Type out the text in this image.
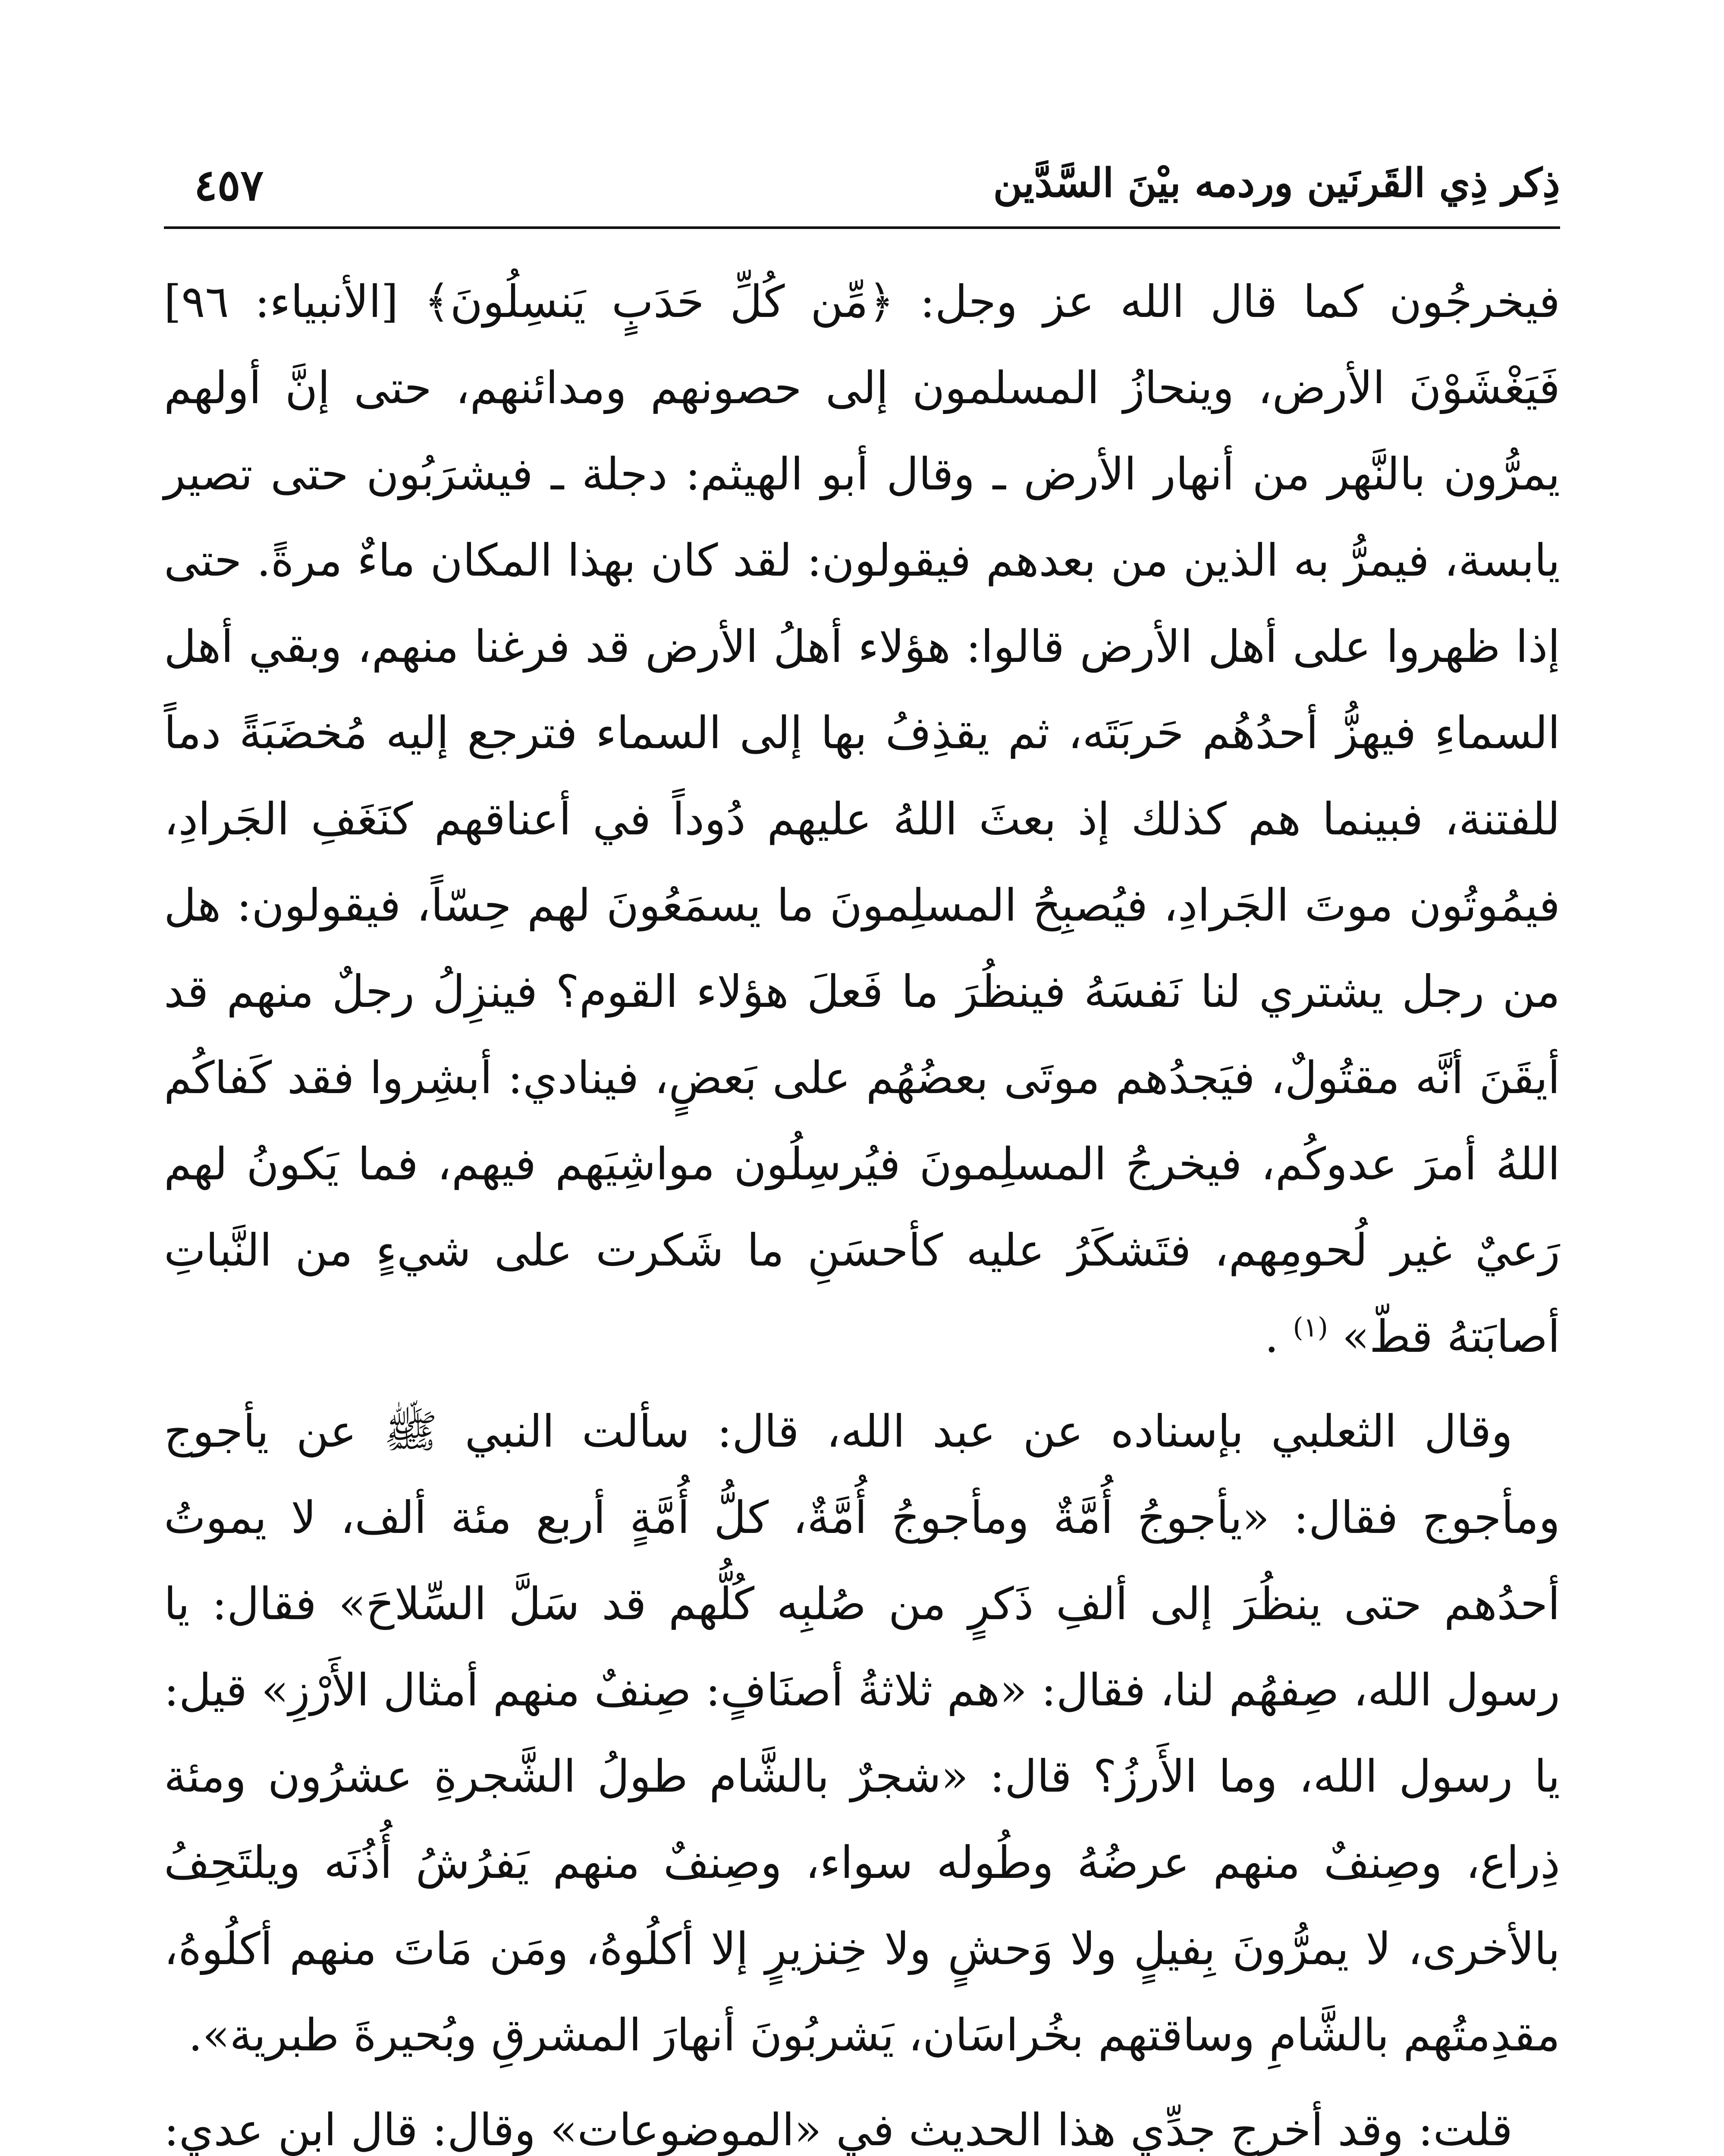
ذِكر ذِي القَرنَين وردمه بيْنَ السَّدَّين
٤٥٧

فيخرجُون كما قال الله عز وجل: ﴿مِّن كُلِّ حَدَبٍ يَنسِلُونَ﴾ [الأنبياء: ٩٦] فَيَغْشَوْنَ الأرض، وينحازُ المسلمون إلى حصونهم ومدائنهم، حتى إنَّ أولهم يمرُّون بالنَّهر من أنهار الأرض ـ وقال أبو الهيثم: دجلة ـ فيشرَبُون حتى تصير يابسة، فيمرُّ به الذين من بعدهم فيقولون: لقد كان بهذا المكان ماءٌ مرةً. حتى إذا ظهروا على أهل الأرض قالوا: هؤلاء أهلُ الأرض قد فرغنا منهم، وبقي أهل السماءِ فيهزُّ أحدُهُم حَربَتَه، ثم يقذِفُ بها إلى السماء فترجع إليه مُخضَبَةً دماً للفتنة، فبينما هم كذلك إذ بعثَ اللهُ عليهم دُوداً في أعناقهم كنَغَفِ الجَرادِ، فيمُوتُون موتَ الجَرادِ، فيُصبِحُ المسلِمونَ ما يسمَعُونَ لهم حِسّاً، فيقولون: هل من رجل يشتري لنا نَفسَهُ فينظُرَ ما فَعلَ هؤلاء القوم؟ فينزِلُ رجلٌ منهم قد أيقَنَ أنَّه مقتُولٌ، فيَجدُهم موتَى بعضُهُم على بَعضٍ، فينادي: أبشِروا فقد كَفاكُم اللهُ أمرَ عدوكُم، فيخرجُ المسلِمونَ فيُرسِلُون مواشِيَهم فيهم، فما يَكونُ لهم رَعيٌ غير لُحومِهم، فتَشكَرُ عليه كأحسَنِ ما شَكرت على شيءٍ من النَّباتِ أصابَتهُ قطّ» $^{(١)}$ .

وقال الثعلبي بإسناده عن عبد الله، قال: سألت النبي ﷺ عن يأجوج ومأجوج فقال: «يأجوجُ أُمَّةٌ ومأجوجُ أُمَّةٌ، كلُّ أُمَّةٍ أربع مئة ألف، لا يموتُ أحدُهم حتى ينظُرَ إلى ألفِ ذَكرٍ من صُلبِه كُلُّهم قد سَلَّ السِّلاحَ» فقال: يا رسول الله، صِفهُم لنا، فقال: «هم ثلاثةُ أصنَافٍ: صِنفٌ منهم أمثال الأَرْزِ» قيل: يا رسول الله، وما الأَرزُ؟ قال: «شجرٌ بالشَّام طولُ الشَّجرةِ عشرُون ومئة ذِراع، وصِنفٌ منهم عرضُهُ وطُوله سواء، وصِنفٌ منهم يَفرُشُ أُذُنَه ويلتَحِفُ بالأخرى، لا يمرُّونَ بِفيلٍ ولا وَحشٍ ولا خِنزيرٍ إلا أكلُوهُ، ومَن مَاتَ منهم أكلُوهُ، مقدِمتُهم بالشَّامِ وساقتهم بخُراسَان، يَشربُونَ أنهارَ المشرقِ وبُحيرةَ طبرية».

قلت: وقد أخرج جدِّي هذا الحديث في «الموضوعات» وقال: قال ابن عدي:
